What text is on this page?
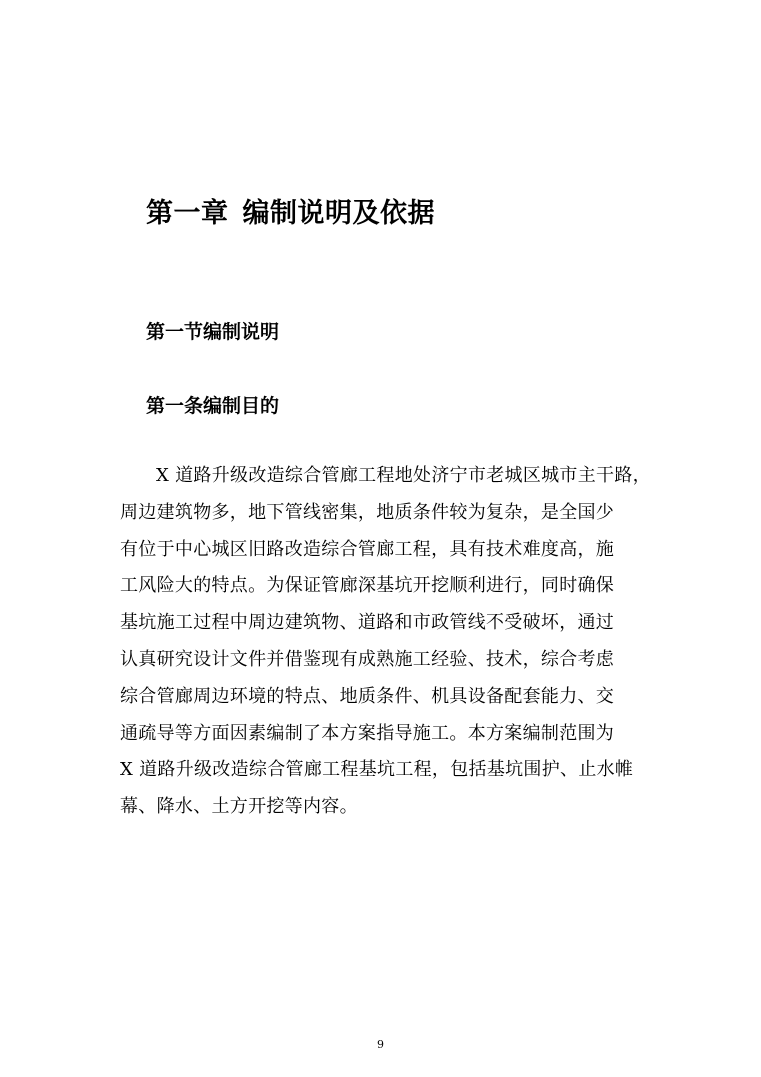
第一章 编制说明及依据
第一节编制说明
第一条编制目的
X 道路升级改造综合管廊工程地处济宁市老城区城市主干路，
周边建筑物多，地下管线密集，地质条件较为复杂，是全国少
有位于中心城区旧路改造综合管廊工程，具有技术难度高，施
工风险大的特点。为保证管廊深基坑开挖顺利进行，同时确保
基坑施工过程中周边建筑物、道路和市政管线不受破坏，通过
认真研究设计文件并借鉴现有成熟施工经验、技术，综合考虑
综合管廊周边环境的特点、地质条件、机具设备配套能力、交
通疏导等方面因素编制了本方案指导施工。本方案编制范围为
X 道路升级改造综合管廊工程基坑工程，包括基坑围护、止水帷
幕、降水、土方开挖等内容。
9
